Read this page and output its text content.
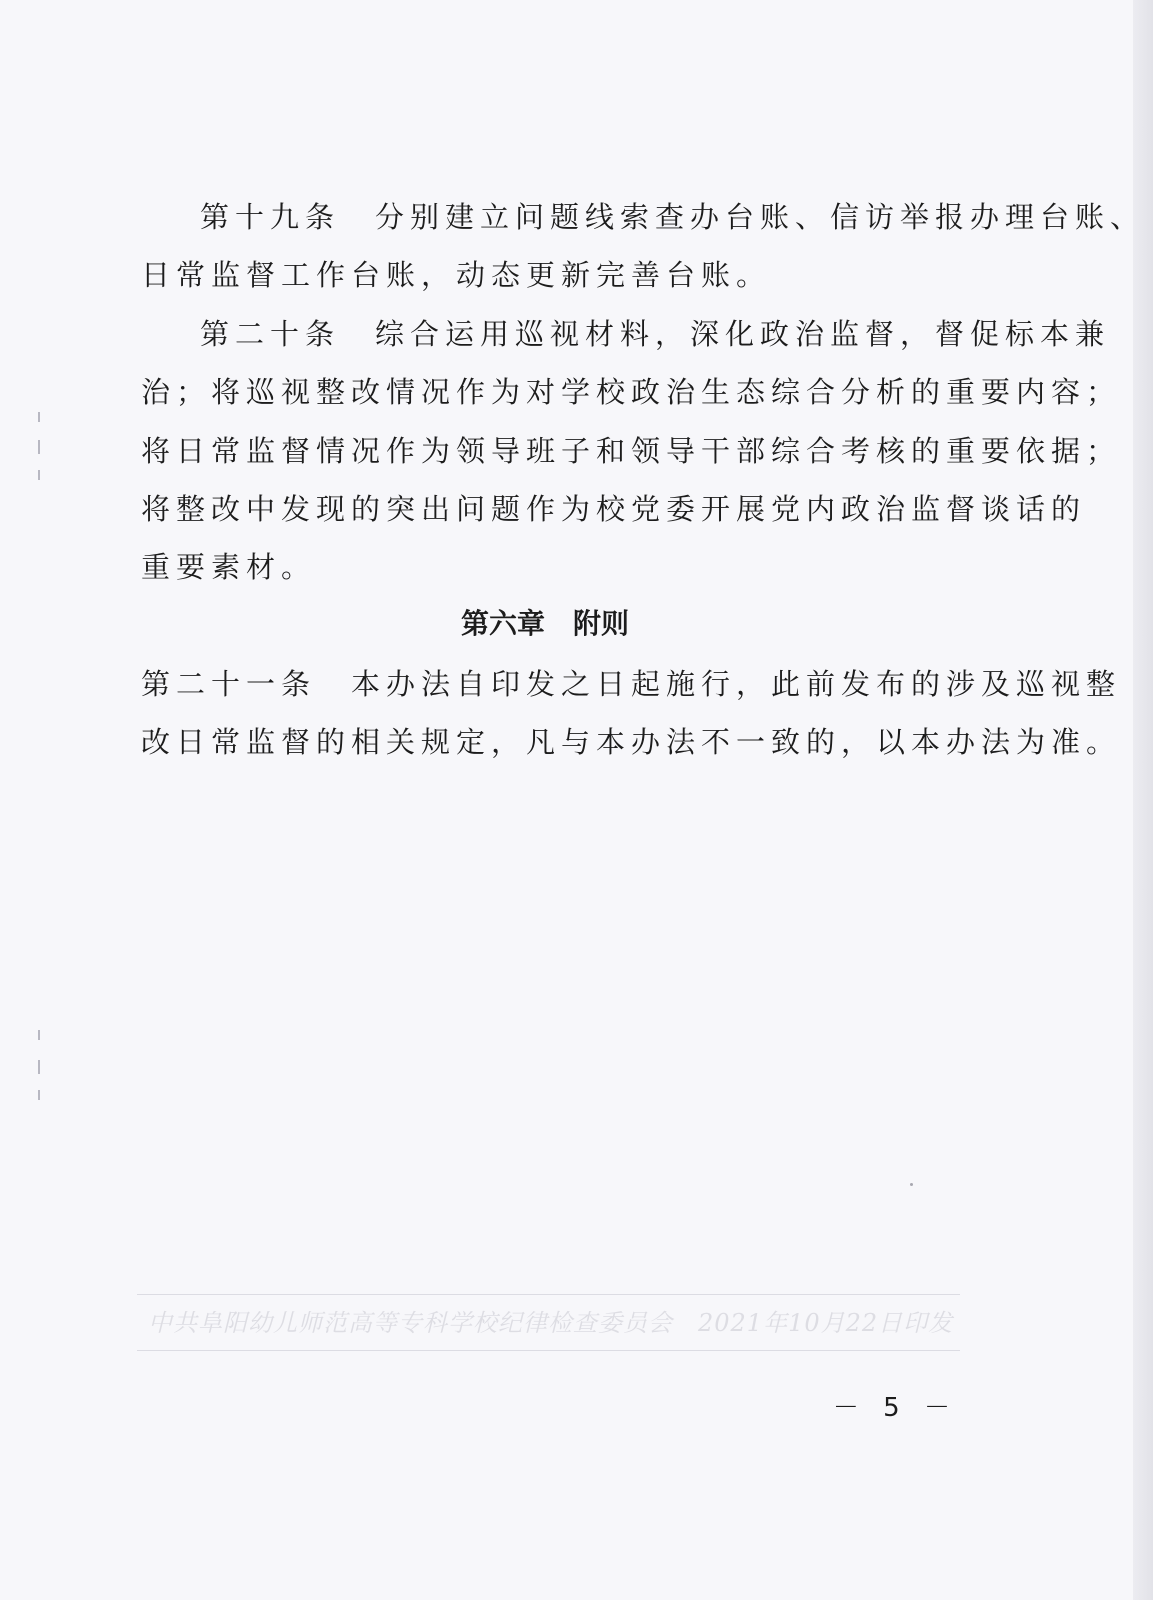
第十九条　分别建立问题线索查办台账、信访举报办理台账、
日常监督工作台账，动态更新完善台账。
第二十条　综合运用巡视材料，深化政治监督，督促标本兼
治；将巡视整改情况作为对学校政治生态综合分析的重要内容；
将日常监督情况作为领导班子和领导干部综合考核的重要依据；
将整改中发现的突出问题作为校党委开展党内政治监督谈话的
重要素材。
第六章　附则
第二十一条　本办法自印发之日起施行，此前发布的涉及巡视整
改日常监督的相关规定，凡与本办法不一致的，以本办法为准。
中共阜阳幼儿师范高等专科学校纪律检查委员会　2021年10月22日印发
－ 5 －
